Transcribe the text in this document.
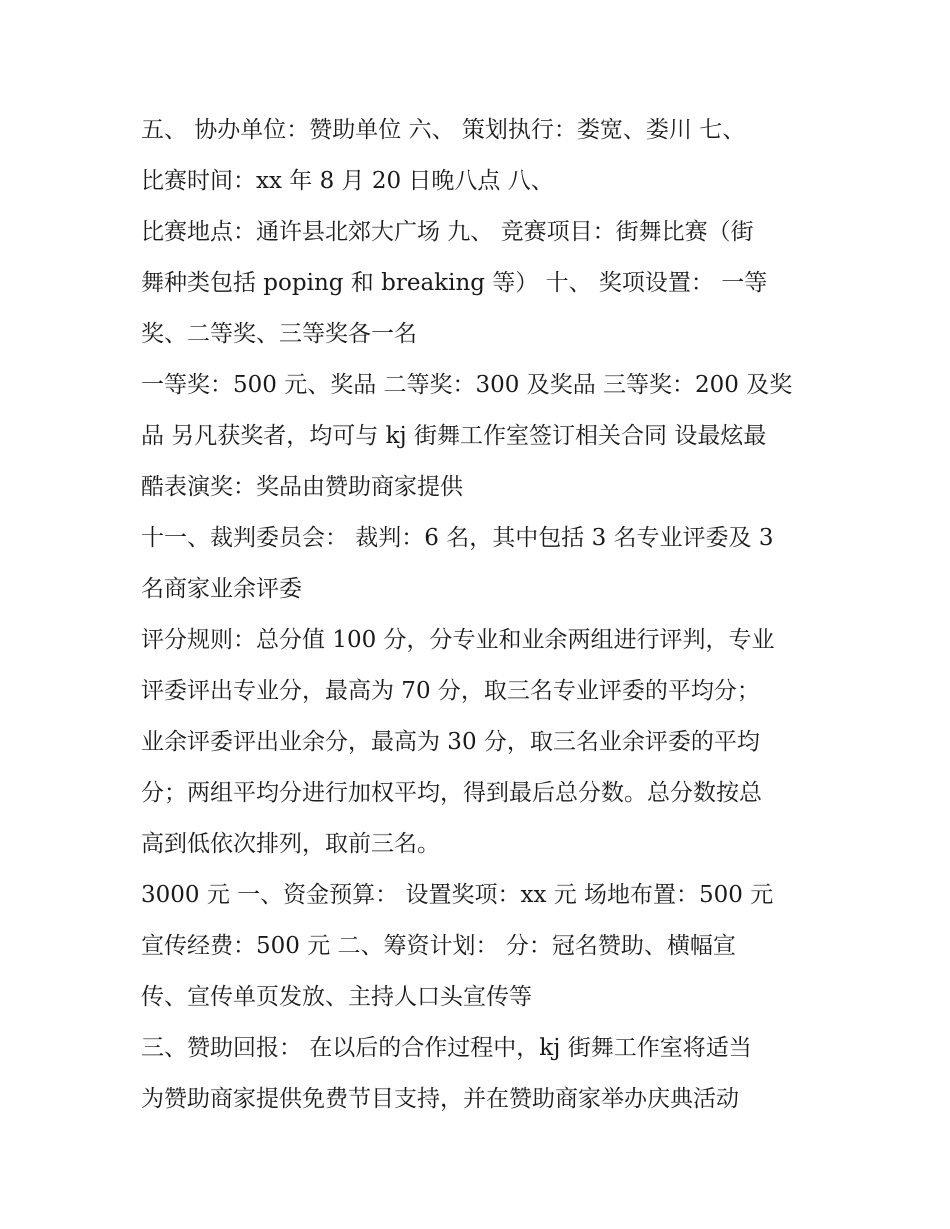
五、 协办单位：赞助单位 六、 策划执行：娄宽、娄川 七、
比赛时间：xx 年 8 月 20 日晚八点 八、
比赛地点：通许县北郊大广场 九、 竞赛项目：街舞比赛（街
舞种类包括 poping 和 breaking 等） 十、 奖项设置： 一等
奖、二等奖、三等奖各一名
一等奖：500 元、奖品 二等奖：300 及奖品 三等奖：200 及奖
品 另凡获奖者，均可与 kj 街舞工作室签订相关合同 设最炫最
酷表演奖：奖品由赞助商家提供
十一、裁判委员会： 裁判：6 名，其中包括 3 名专业评委及 3
名商家业余评委
评分规则：总分值 100 分，分专业和业余两组进行评判，专业
评委评出专业分，最高为 70 分，取三名专业评委的平均分；
业余评委评出业余分，最高为 30 分，取三名业余评委的平均
分；两组平均分进行加权平均，得到最后总分数。总分数按总
高到低依次排列，取前三名。
3000 元 一、资金预算： 设置奖项：xx 元 场地布置：500 元
宣传经费：500 元 二、筹资计划： 分：冠名赞助、横幅宣
传、宣传单页发放、主持人口头宣传等
三、赞助回报： 在以后的合作过程中，kj 街舞工作室将适当
为赞助商家提供免费节目支持，并在赞助商家举办庆典活动
